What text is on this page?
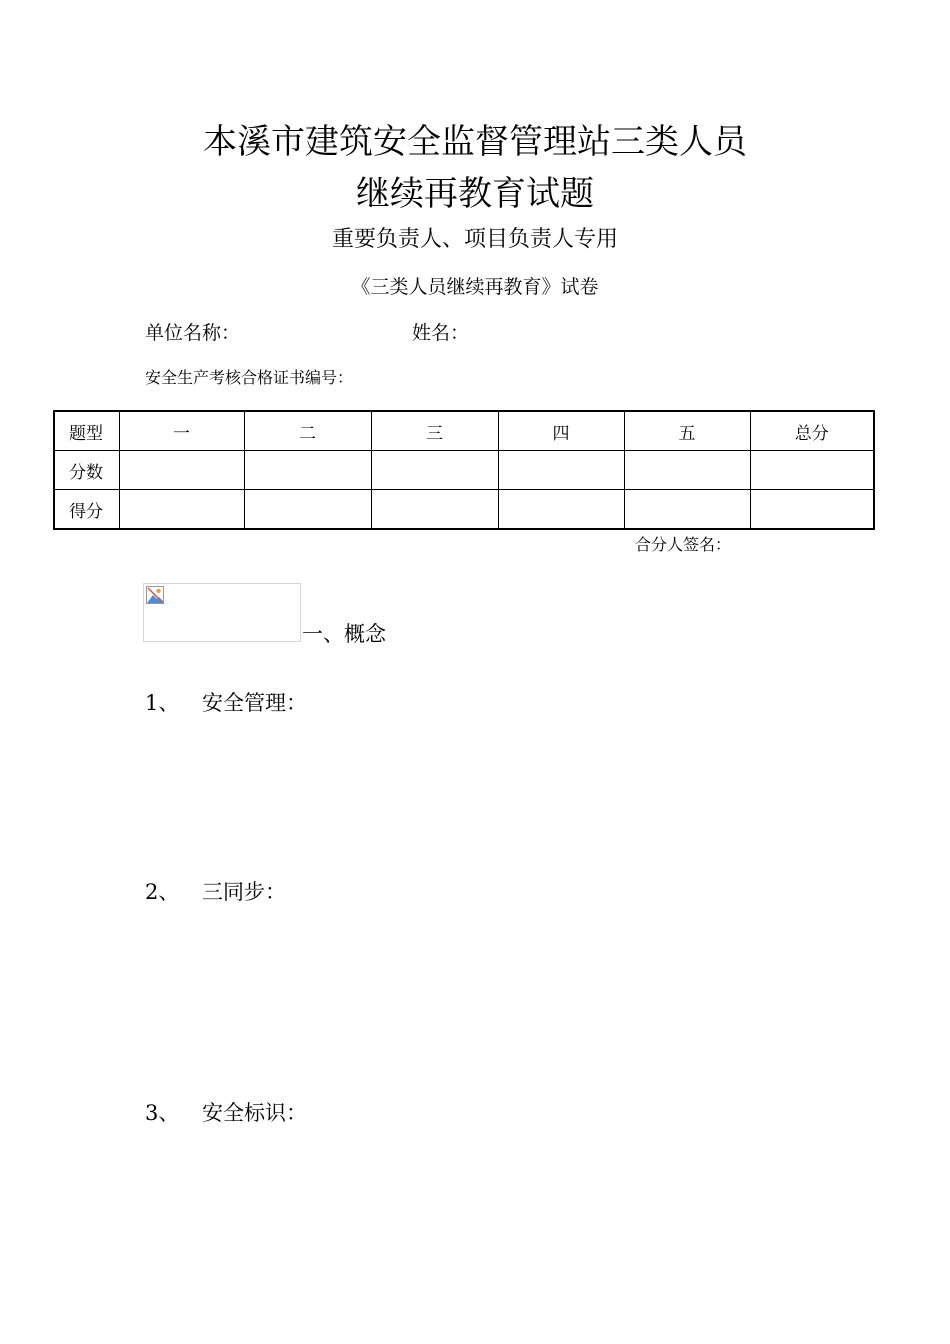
本溪市建筑安全监督管理站三类人员
继续再教育试题
重要负责人、项目负责人专用
《三类人员继续再教育》试卷
单位名称：	姓名：
安全生产考核合格证书编号：
题型	一	二	三	四	五	总分
分数						
得分						
合分人签名：
一、概念
1、 安全管理：
2、 三同步：
3、 安全标识：
